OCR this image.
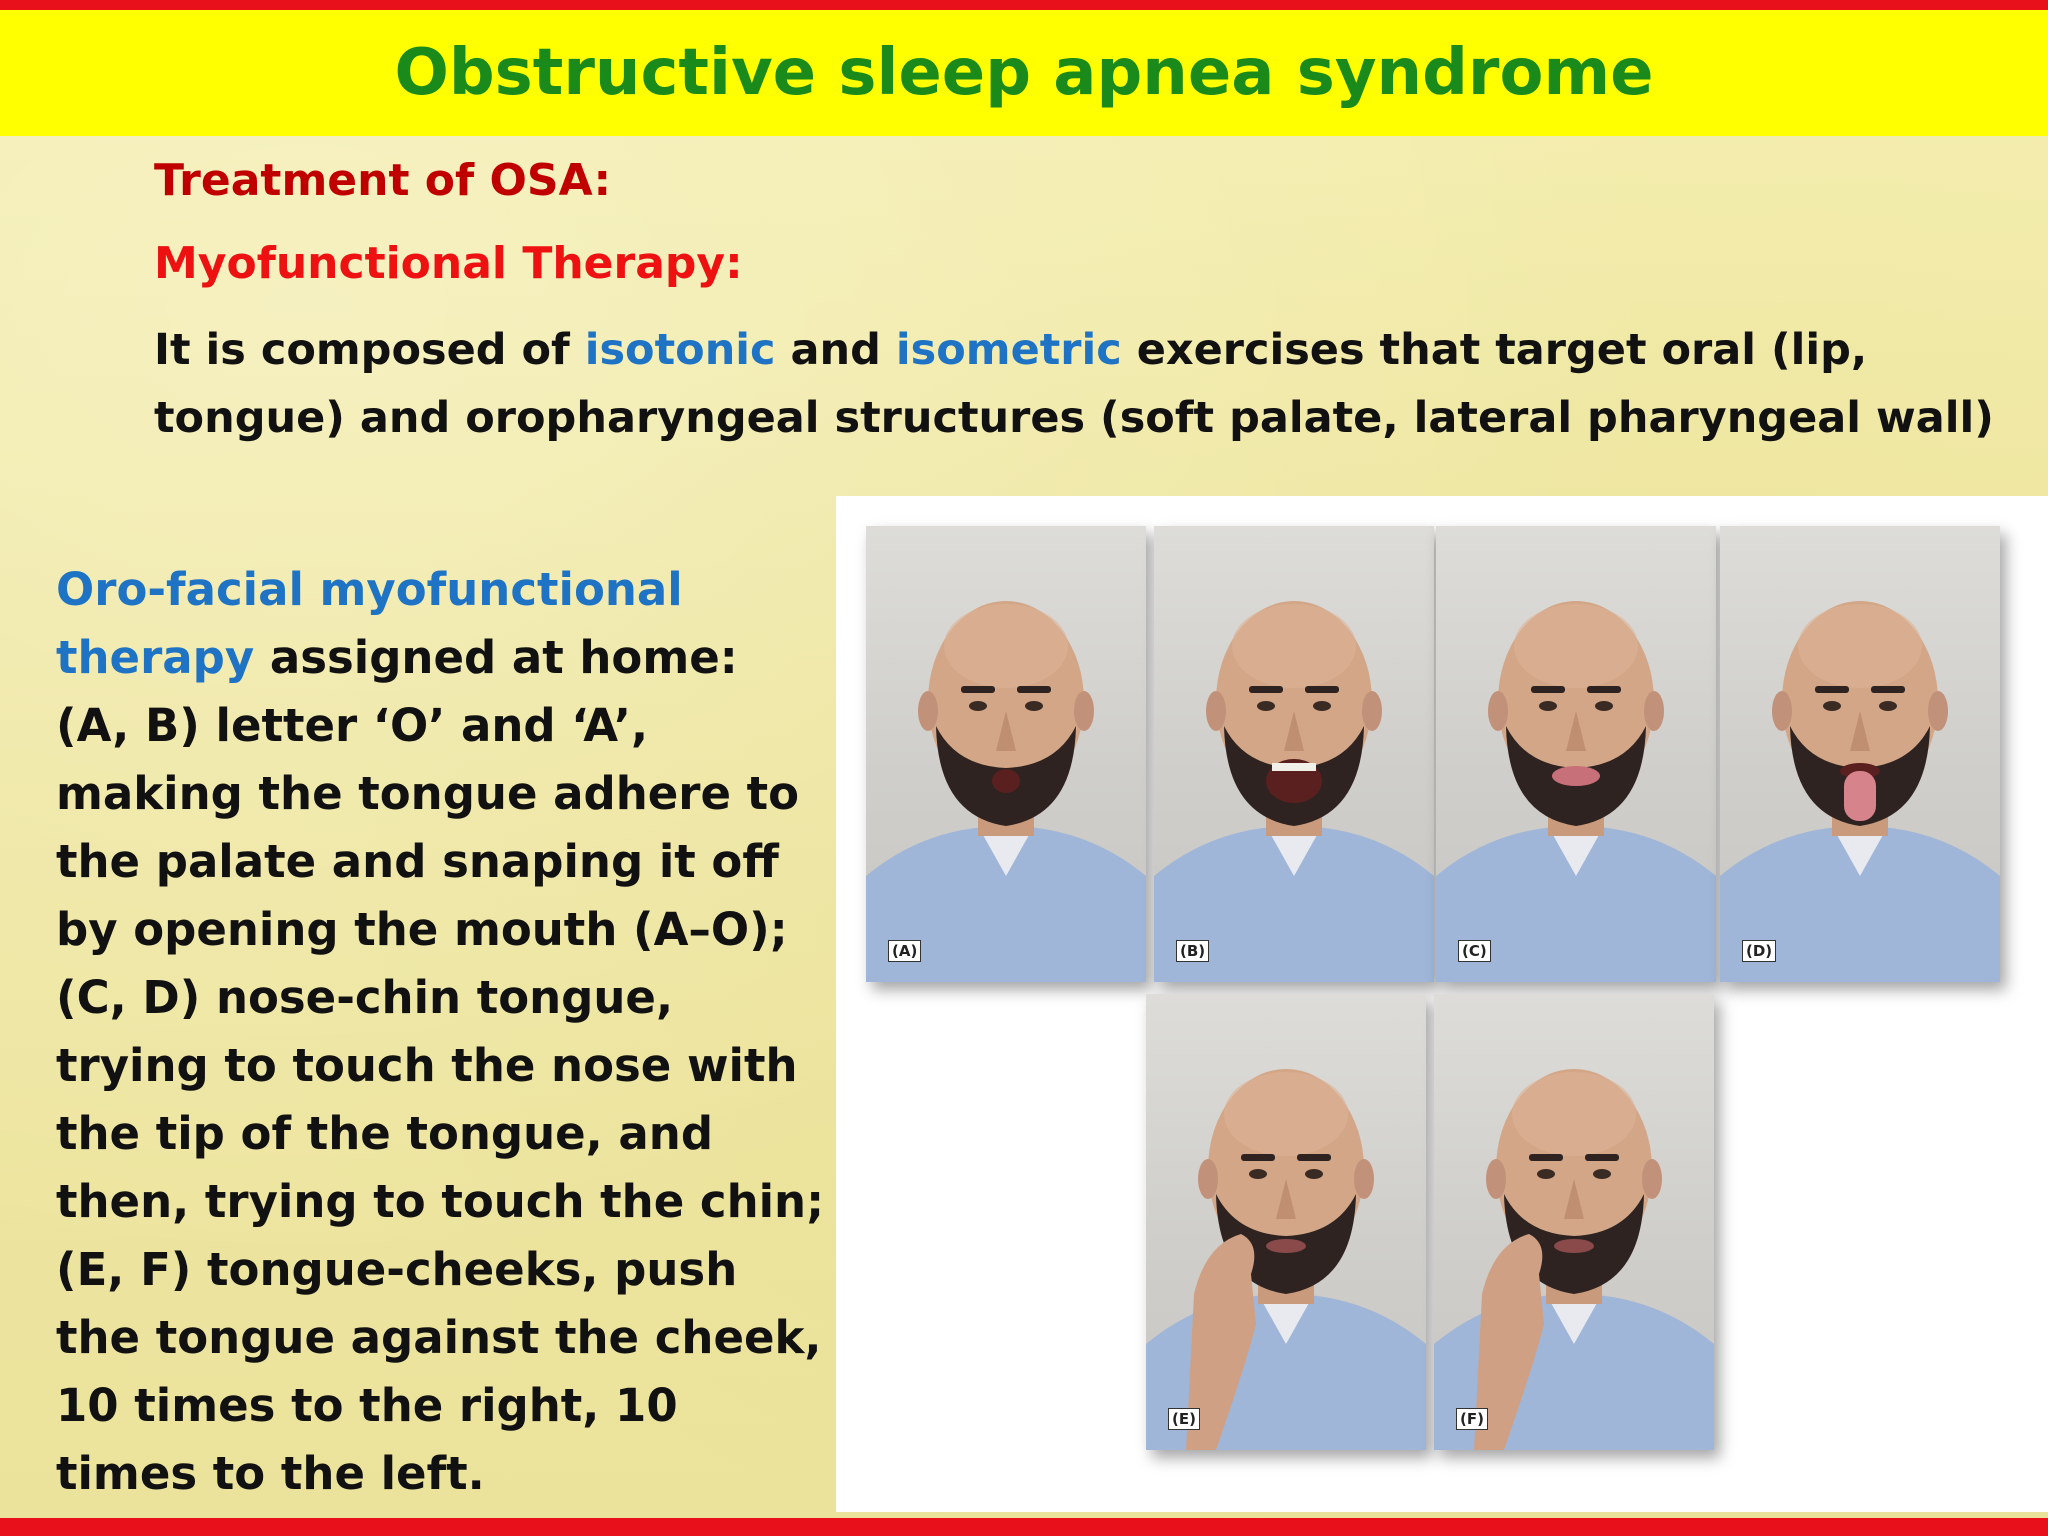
Obstructive sleep apnea syndrome
Treatment of OSA:
Myofunctional Therapy:
It is composed of isotonic and isometric exercises that target oral (lip, tongue) and oropharyngeal structures (soft palate, lateral pharyngeal wall)
Oro-facial myofunctional therapy assigned at home: (A, B) letter ‘O’ and ‘A’, making the tongue adhere to the palate and snaping it off by opening the mouth (A–O); (C, D) nose-chin tongue, trying to touch the nose with the tip of the tongue, and then, trying to touch the chin; (E, F) tongue-cheeks, push the tongue against the cheek, 10 times to the right, 10 times to the left.
(A)	(B)	(C)	(D)
(E)	(F)
